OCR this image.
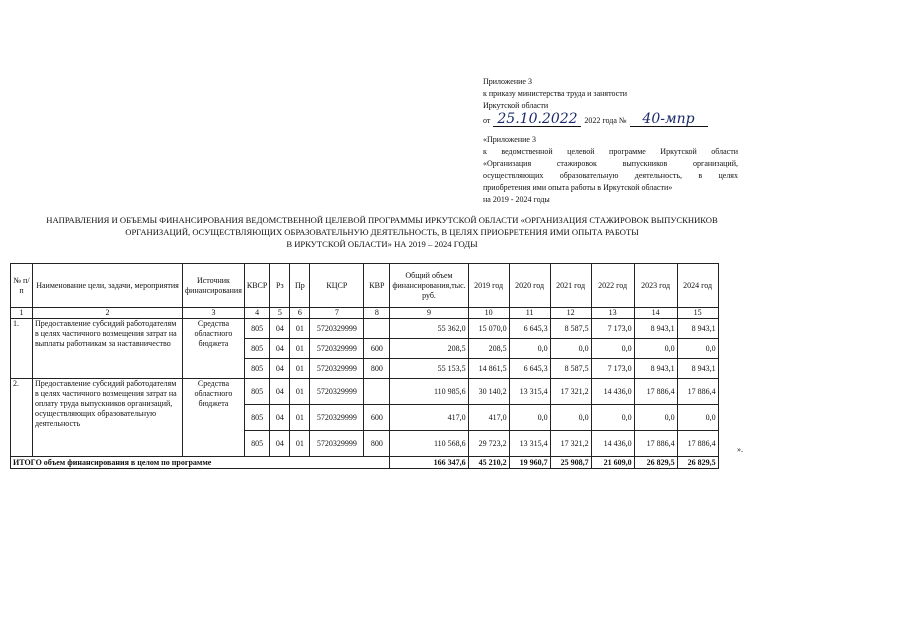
Приложение 3
к приказу министерства труда и занятости
Иркутской области
от 25.10.2022 2022 года №	40-мпр
«Приложение 3
к ведомственной целевой программе Иркутской области
«Организация стажировок выпускников организаций,
осуществляющих образовательную деятельность, в целях
приобретения ими опыта работы в Иркутской области»
на 2019 - 2024 годы
НАПРАВЛЕНИЯ И ОБЪЕМЫ ФИНАНСИРОВАНИЯ ВЕДОМСТВЕННОЙ ЦЕЛЕВОЙ ПРОГРАММЫ ИРКУТСКОЙ ОБЛАСТИ «ОРГАНИЗАЦИЯ СТАЖИРОВОК ВЫПУСКНИКОВ
ОРГАНИЗАЦИЙ, ОСУЩЕСТВЛЯЮЩИХ ОБРАЗОВАТЕЛЬНУЮ ДЕЯТЕЛЬНОСТЬ, В ЦЕЛЯХ ПРИОБРЕТЕНИЯ ИМИ ОПЫТА РАБОТЫ
В ИРКУТСКОЙ ОБЛАСТИ» НА 2019 – 2024 ГОДЫ
№ п/п	Наименование цели, задачи, мероприятия	Источник финансирования	КВСР	Рз	Пр	КЦСР	КВР	Общий объем финансирования,тыс. руб.	2019 год	2020 год	2021 год	2022 год	2023 год	2024 год
1	2	3	4	5	6	7	8	9	10	11	12	13	14	15
1.	Предоставление субсидий работодателям в целях частичного возмещения затрат на выплаты работникам за наставничество	Средства областного бюджета	805	04	01	5720329999		55 362,0	15 070,0	6 645,3	8 587,5	7 173,0	8 943,1	8 943,1
			805	04	01	5720329999	600	208,5	208,5	0,0	0,0	0,0	0,0	0,0
			805	04	01	5720329999	800	55 153,5	14 861,5	6 645,3	8 587,5	7 173,0	8 943,1	8 943,1
2.	Предоставление субсидий работодателям в целях частичного возмещения затрат на оплату труда выпускников организаций, осуществляющих образовательную деятельность	Средства областного бюджета	805	04	01	5720329999		110 985,6	30 140,2	13 315,4	17 321,2	14 436,0	17 886,4	17 886,4
			805	04	01	5720329999	600	417,0	417,0	0,0	0,0	0,0	0,0	0,0
			805	04	01	5720329999	800	110 568,6	29 723,2	13 315,4	17 321,2	14 436,0	17 886,4	17 886,4
ИТОГО объем финансирования в целом по программе								166 347,6	45 210,2	19 960,7	25 908,7	21 609,0	26 829,5	26 829,5
».
